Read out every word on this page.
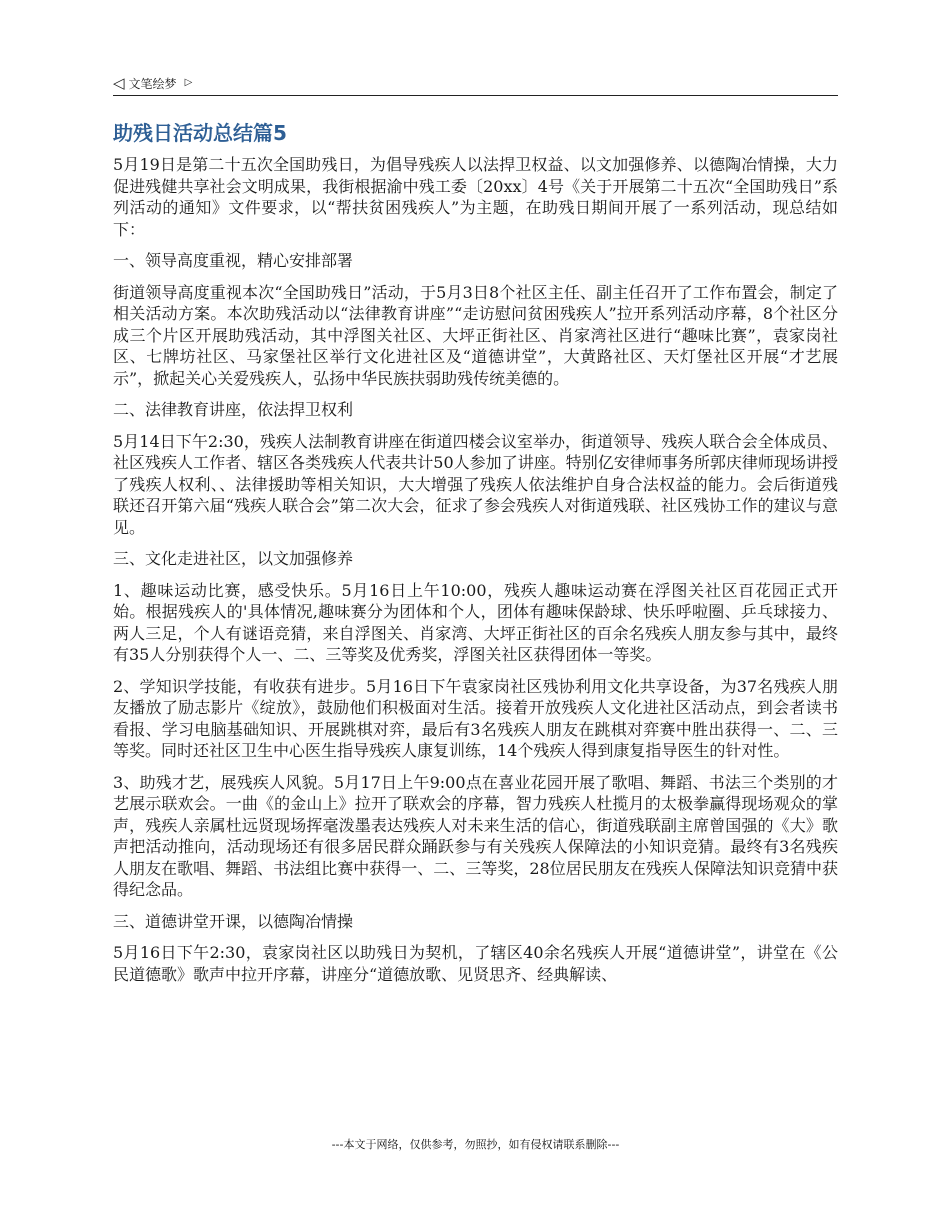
◁ 文笔绘梦 ▷
助残日活动总结篇5

5月19日是第二十五次全国助残日，为倡导残疾人以法捍卫权益、以文加强修养、以德陶冶情操，大力促进残健共享社会文明成果，我街根据渝中残工委〔20xx〕4号《关于开展第二十五次“全国助残日”系列活动的通知》文件要求，以“帮扶贫困残疾人”为主题，在助残日期间开展了一系列活动，现总结如下：

一、领导高度重视，精心安排部署

街道领导高度重视本次“全国助残日”活动，于5月3日8个社区主任、副主任召开了工作布置会，制定了相关活动方案。本次助残活动以“法律教育讲座”“走访慰问贫困残疾人”拉开系列活动序幕，8个社区分成三个片区开展助残活动，其中浮图关社区、大坪正街社区、肖家湾社区进行“趣味比赛”，袁家岗社区、七牌坊社区、马家堡社区举行文化进社区及“道德讲堂”，大黄路社区、天灯堡社区开展“才艺展示”，掀起关心关爱残疾人，弘扬中华民族扶弱助残传统美德的。

二、法律教育讲座，依法捍卫权利

5月14日下午2:30，残疾人法制教育讲座在街道四楼会议室举办，街道领导、残疾人联合会全体成员、社区残疾人工作者、辖区各类残疾人代表共计50人参加了讲座。特别亿安律师事务所郭庆律师现场讲授了残疾人权利、、法律援助等相关知识，大大增强了残疾人依法维护自身合法权益的能力。会后街道残联还召开第六届“残疾人联合会”第二次大会，征求了参会残疾人对街道残联、社区残协工作的建议与意见。

三、文化走进社区，以文加强修养

1、趣味运动比赛，感受快乐。5月16日上午10:00，残疾人趣味运动赛在浮图关社区百花园正式开始。根据残疾人的'具体情况,趣味赛分为团体和个人，团体有趣味保龄球、快乐呼啦圈、乒乓球接力、两人三足，个人有谜语竞猜，来自浮图关、肖家湾、大坪正街社区的百余名残疾人朋友参与其中，最终有35人分别获得个人一、二、三等奖及优秀奖，浮图关社区获得团体一等奖。

2、学知识学技能，有收获有进步。5月16日下午袁家岗社区残协利用文化共享设备，为37名残疾人朋友播放了励志影片《绽放》，鼓励他们积极面对生活。接着开放残疾人文化进社区活动点，到会者读书看报、学习电脑基础知识、开展跳棋对弈，最后有3名残疾人朋友在跳棋对弈赛中胜出获得一、二、三等奖。同时还社区卫生中心医生指导残疾人康复训练，14个残疾人得到康复指导医生的针对性。

3、助残才艺，展残疾人风貌。5月17日上午9:00点在喜业花园开展了歌唱、舞蹈、书法三个类别的才艺展示联欢会。一曲《的金山上》拉开了联欢会的序幕，智力残疾人杜揽月的太极拳赢得现场观众的掌声，残疾人亲属杜远贤现场挥毫泼墨表达残疾人对未来生活的信心，街道残联副主席曾国强的《大》歌声把活动推向，活动现场还有很多居民群众踊跃参与有关残疾人保障法的小知识竞猜。最终有3名残疾人朋友在歌唱、舞蹈、书法组比赛中获得一、二、三等奖，28位居民朋友在残疾人保障法知识竞猜中获得纪念品。

三、道德讲堂开课，以德陶冶情操

5月16日下午2:30，袁家岗社区以助残日为契机，了辖区40余名残疾人开展“道德讲堂”，讲堂在《公民道德歌》歌声中拉开序幕，讲座分“道德放歌、见贤思齐、经典解读、

---本文于网络，仅供参考，勿照抄，如有侵权请联系删除---
